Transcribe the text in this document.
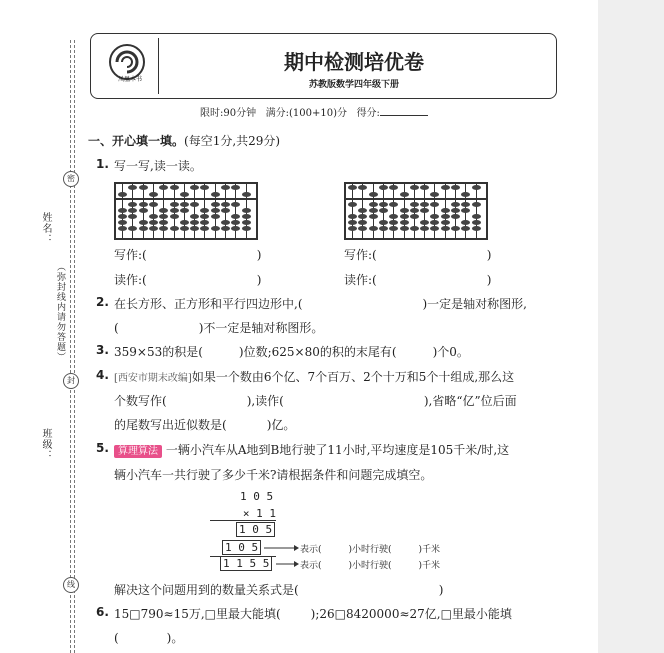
密
封
线
姓名：
（弥封线内请勿答题）
班级：
凤凰本书
期中检测培优卷
苏教版数学四年级下册
限时:90分钟 满分:(100+10)分 得分:
一、开心填一填。(每空1分,共29分)
1. 写一写,读一读。
写作:(	)
读作:(	)
写作:(	)
读作:(	)
2. 在长方形、正方形和平行四边形中,(	)一定是轴对称图形,
(	)不一定是轴对称图形。
3. 359×53的积是(	)位数;625×80的积的末尾有(	)个0。
4. [西安市期末改编]如果一个数由6个亿、7个百万、2个十万和5个十组成,那么这
个数写作(	),读作(	),省略“亿”位后面
的尾数写出近似数是(	)亿。
5. 算理算法 一辆小汽车从A地到B地行驶了11小时,平均速度是105千米/时,这
辆小汽车一共行驶了多少千米?请根据条件和问题完成填空。
1 0 5
× 1 1
1 0 5
1 0 5
1 1 5 5
表示(　　　)小时行驶(　　　)千米
表示(　　　)小时行驶(　　　)千米
解决这个问题用到的数量关系式是(	)
6. 15□790≈15万,□里最大能填(	);26□8420000≈27亿,□里最小能填
(　　　　)。
